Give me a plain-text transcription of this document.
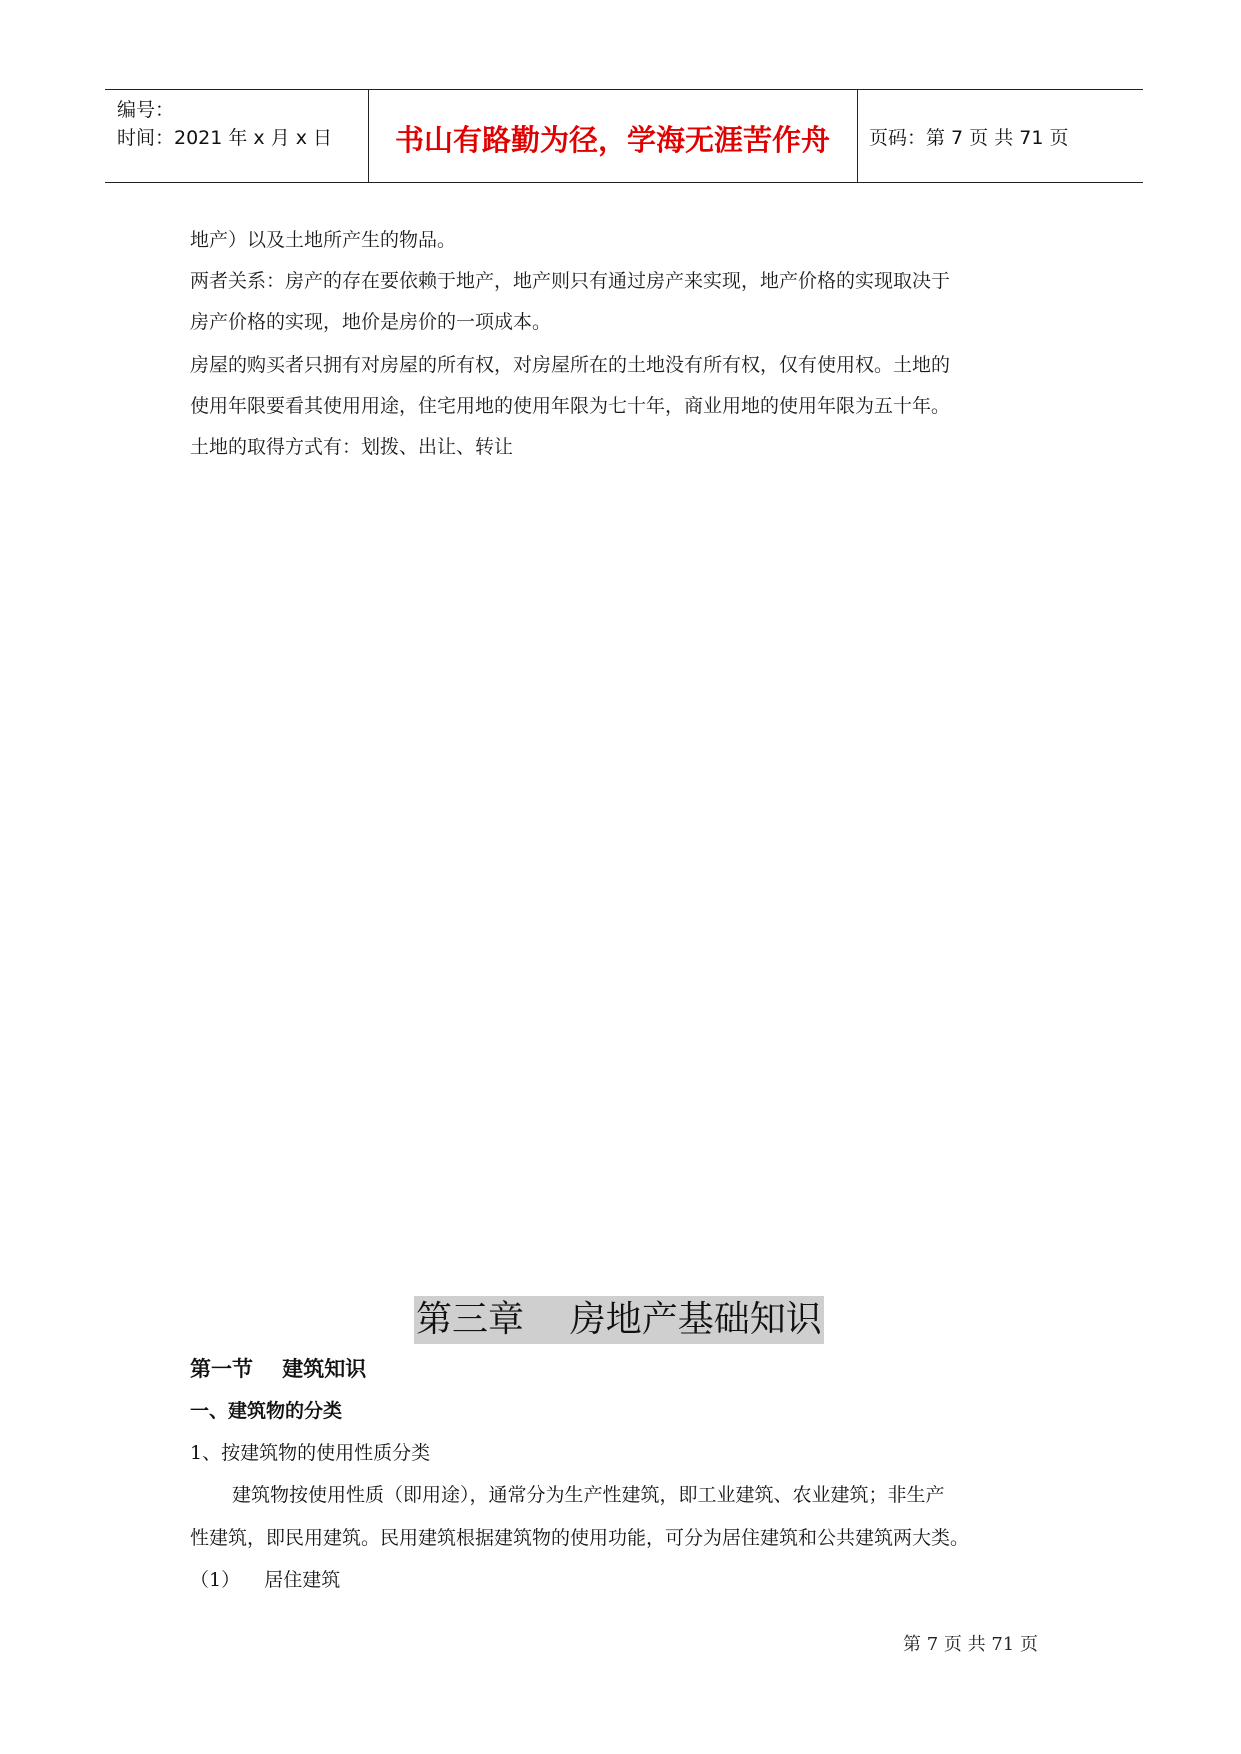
编号：
时间：2021 年 x 月 x 日	书山有路勤为径，学海无涯苦作舟	页码：第 7 页 共 71 页
地产）以及土地所产生的物品。
两者关系：房产的存在要依赖于地产，地产则只有通过房产来实现，地产价格的实现取决于
房产价格的实现，地价是房价的一项成本。
房屋的购买者只拥有对房屋的所有权，对房屋所在的土地没有所有权，仅有使用权。土地的
使用年限要看其使用用途，住宅用地的使用年限为七十年，商业用地的使用年限为五十年。
土地的取得方式有：划拨、出让、转让
第三章    房地产基础知识
第一节    建筑知识
一、建筑物的分类
1、按建筑物的使用性质分类
建筑物按使用性质（即用途），通常分为生产性建筑，即工业建筑、农业建筑；非生产
性建筑，即民用建筑。民用建筑根据建筑物的使用功能，可分为居住建筑和公共建筑两大类。
（1）    居住建筑
第 7 页 共 71 页
